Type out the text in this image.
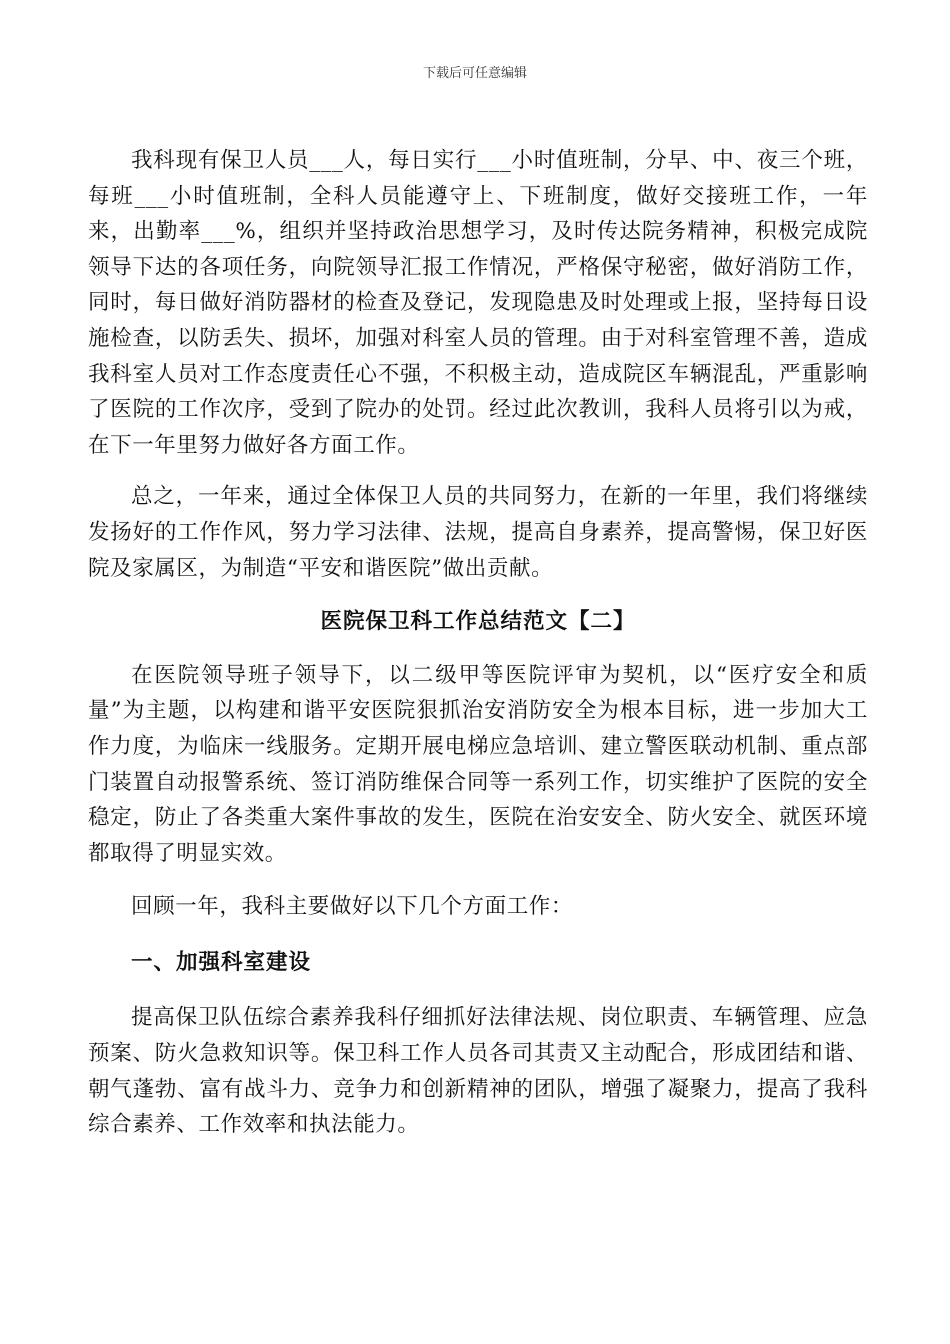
下载后可任意编辑

我科现有保卫人员___人，每日实行___小时值班制，分早、中、夜三个班，每班___小时值班制，全科人员能遵守上、下班制度，做好交接班工作，一年来，出勤率___%，组织并坚持政治思想学习，及时传达院务精神，积极完成院领导下达的各项任务，向院领导汇报工作情况，严格保守秘密，做好消防工作，同时，每日做好消防器材的检查及登记，发现隐患及时处理或上报，坚持每日设施检查，以防丢失、损坏，加强对科室人员的管理。由于对科室管理不善，造成我科室人员对工作态度责任心不强，不积极主动，造成院区车辆混乱，严重影响了医院的工作次序，受到了院办的处罚。经过此次教训，我科人员将引以为戒，在下一年里努力做好各方面工作。

总之，一年来，通过全体保卫人员的共同努力，在新的一年里，我们将继续发扬好的工作作风，努力学习法律、法规，提高自身素养，提高警惕，保卫好医院及家属区，为制造“平安和谐医院”做出贡献。

医院保卫科工作总结范文【二】

在医院领导班子领导下，以二级甲等医院评审为契机，以“医疗安全和质量”为主题，以构建和谐平安医院狠抓治安消防安全为根本目标，进一步加大工作力度，为临床一线服务。定期开展电梯应急培训、建立警医联动机制、重点部门装置自动报警系统、签订消防维保合同等一系列工作，切实维护了医院的安全稳定，防止了各类重大案件事故的发生，医院在治安安全、防火安全、就医环境都取得了明显实效。

回顾一年，我科主要做好以下几个方面工作：

一、加强科室建设

提高保卫队伍综合素养我科仔细抓好法律法规、岗位职责、车辆管理、应急预案、防火急救知识等。保卫科工作人员各司其责又主动配合，形成团结和谐、朝气蓬勃、富有战斗力、竞争力和创新精神的团队，增强了凝聚力，提高了我科综合素养、工作效率和执法能力。
